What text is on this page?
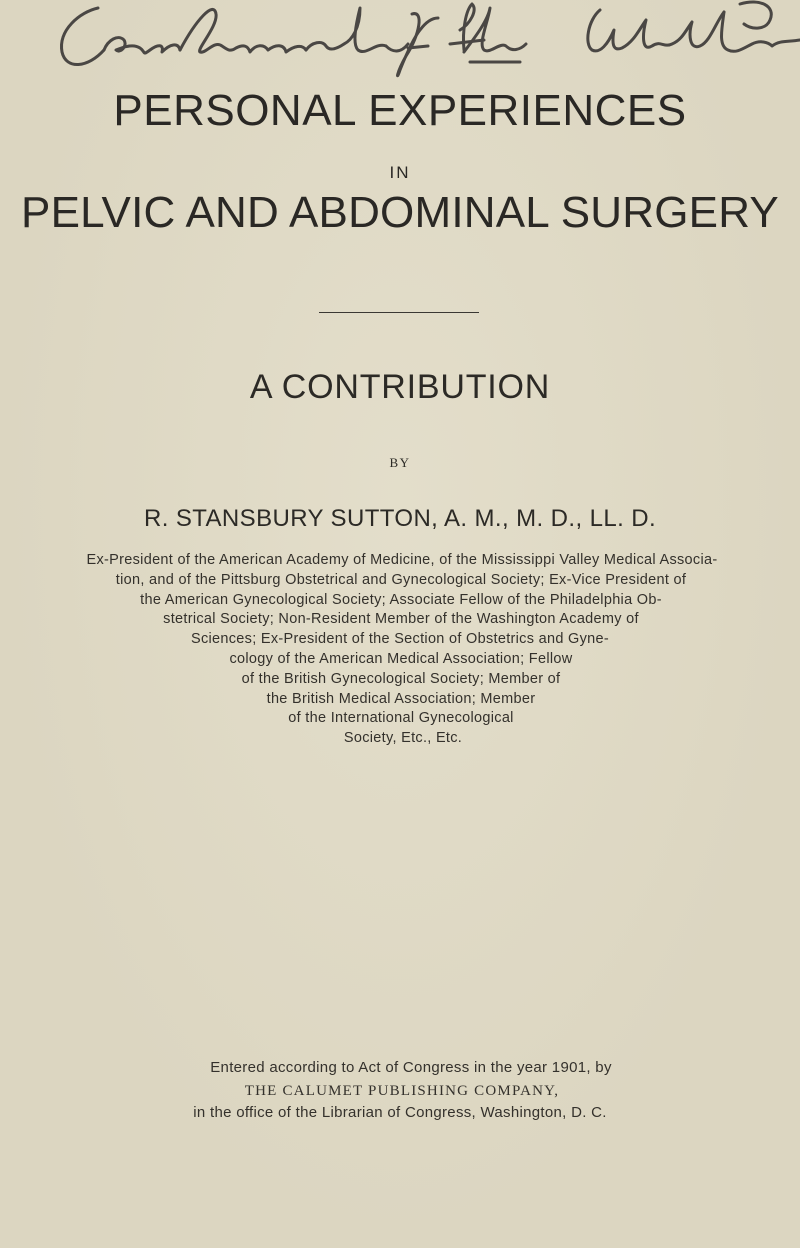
PERSONAL EXPERIENCES
IN
PELVIC AND ABDOMINAL SURGERY
A CONTRIBUTION
BY
R. STANSBURY SUTTON, A. M., M. D., LL. D.
Ex-President of the American Academy of Medicine, of the Mississippi Valley Medical Associa-
tion, and of the Pittsburg Obstetrical and Gynecological Society; Ex-Vice President of
the American Gynecological Society; Associate Fellow of the Philadelphia Ob-
stetrical Society; Non-Resident Member of the Washington Academy of
Sciences; Ex-President of the Section of Obstetrics and Gyne-
cology of the American Medical Association; Fellow
of the British Gynecological Society; Member of
the British Medical Association; Member
of the International Gynecological
Society, Etc., Etc.
Entered according to Act of Congress in the year 1901, by
THE CALUMET PUBLISHING COMPANY,
in the office of the Librarian of Congress, Washington, D. C.
